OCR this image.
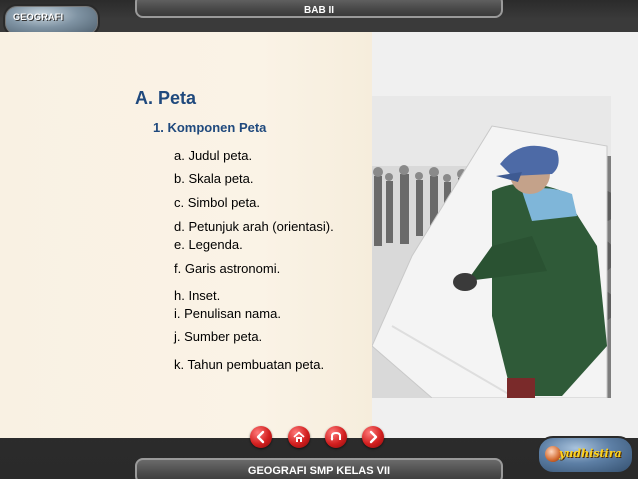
BAB II
GEOGRAFI
A. Peta
1. Komponen Peta
a. Judul peta.
b. Skala peta.
c. Simbol peta.
d. Petunjuk arah (orientasi).
e. Legenda.
f. Garis astronomi.
h. Inset.
i. Penulisan nama.
j. Sumber peta.
k. Tahun pembuatan peta.
GEOGRAFI SMP KELAS VII
yudhistira
